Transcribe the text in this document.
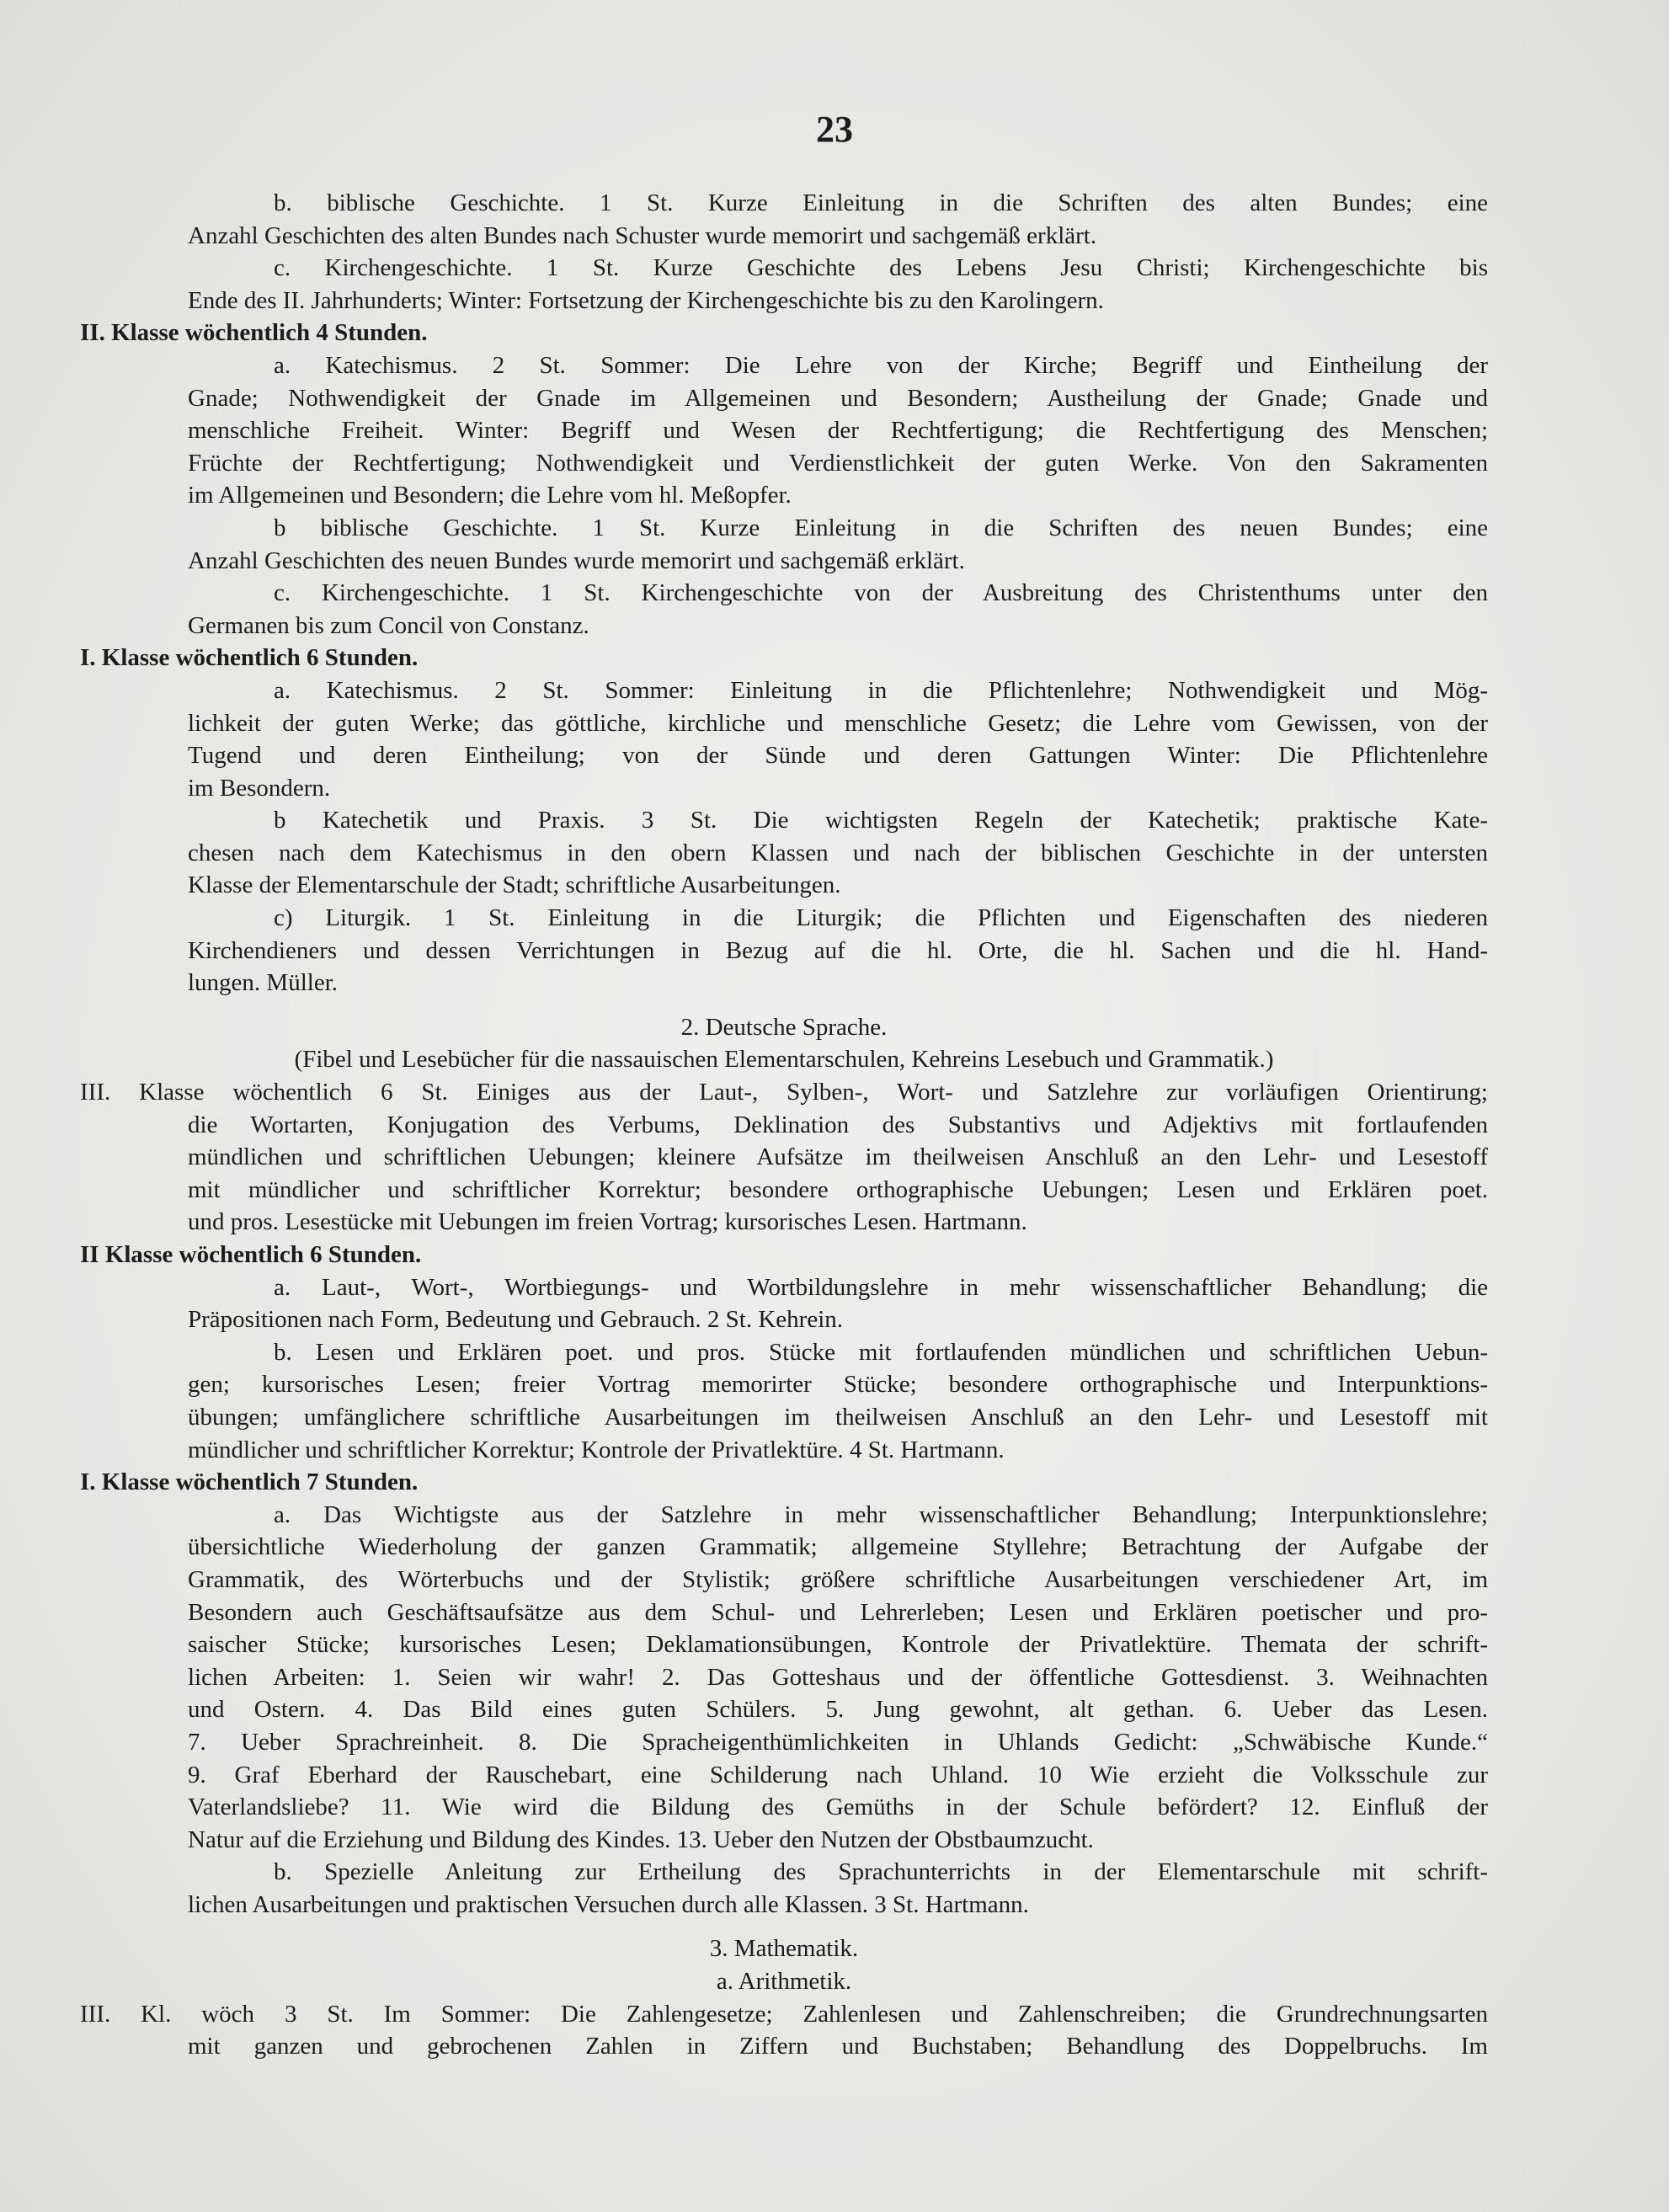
23
b. biblische Geschichte. 1 St. Kurze Einleitung in die Schriften des alten Bundes; eine
Anzahl Geschichten des alten Bundes nach Schuster wurde memorirt und sachgemäß erklärt.
c. Kirchengeschichte. 1 St. Kurze Geschichte des Lebens Jesu Christi; Kirchengeschichte bis
Ende des II. Jahrhunderts; Winter: Fortsetzung der Kirchengeschichte bis zu den Karolingern.
II. Klasse wöchentlich 4 Stunden.
a. Katechismus. 2 St. Sommer: Die Lehre von der Kirche; Begriff und Eintheilung der
Gnade; Nothwendigkeit der Gnade im Allgemeinen und Besondern; Austheilung der Gnade; Gnade und
menschliche Freiheit. Winter: Begriff und Wesen der Rechtfertigung; die Rechtfertigung des Menschen;
Früchte der Rechtfertigung; Nothwendigkeit und Verdienstlichkeit der guten Werke. Von den Sakramenten
im Allgemeinen und Besondern; die Lehre vom hl. Meßopfer.
b biblische Geschichte. 1 St. Kurze Einleitung in die Schriften des neuen Bundes; eine
Anzahl Geschichten des neuen Bundes wurde memorirt und sachgemäß erklärt.
c. Kirchengeschichte. 1 St. Kirchengeschichte von der Ausbreitung des Christenthums unter den
Germanen bis zum Concil von Constanz.
I. Klasse wöchentlich 6 Stunden.
a. Katechismus. 2 St. Sommer: Einleitung in die Pflichtenlehre; Nothwendigkeit und Mög-
lichkeit der guten Werke; das göttliche, kirchliche und menschliche Gesetz; die Lehre vom Gewissen, von der
Tugend und deren Eintheilung; von der Sünde und deren Gattungen Winter: Die Pflichtenlehre
im Besondern.
b Katechetik und Praxis. 3 St. Die wichtigsten Regeln der Katechetik; praktische Kate-
chesen nach dem Katechismus in den obern Klassen und nach der biblischen Geschichte in der untersten
Klasse der Elementarschule der Stadt; schriftliche Ausarbeitungen.
c) Liturgik. 1 St. Einleitung in die Liturgik; die Pflichten und Eigenschaften des niederen
Kirchendieners und dessen Verrichtungen in Bezug auf die hl. Orte, die hl. Sachen und die hl. Hand-
lungen. Müller.
2. Deutsche Sprache.
(Fibel und Lesebücher für die nassauischen Elementarschulen, Kehreins Lesebuch und Grammatik.)
III. Klasse wöchentlich 6 St. Einiges aus der Laut-, Sylben-, Wort- und Satzlehre zur vorläufigen Orientirung;
die Wortarten, Konjugation des Verbums, Deklination des Substantivs und Adjektivs mit fortlaufenden
mündlichen und schriftlichen Uebungen; kleinere Aufsätze im theilweisen Anschluß an den Lehr- und Lesestoff
mit mündlicher und schriftlicher Korrektur; besondere orthographische Uebungen; Lesen und Erklären poet.
und pros. Lesestücke mit Uebungen im freien Vortrag; kursorisches Lesen. Hartmann.
II Klasse wöchentlich 6 Stunden.
a. Laut-, Wort-, Wortbiegungs- und Wortbildungslehre in mehr wissenschaftlicher Behandlung; die
Präpositionen nach Form, Bedeutung und Gebrauch. 2 St. Kehrein.
b. Lesen und Erklären poet. und pros. Stücke mit fortlaufenden mündlichen und schriftlichen Uebun-
gen; kursorisches Lesen; freier Vortrag memorirter Stücke; besondere orthographische und Interpunktions-
übungen; umfänglichere schriftliche Ausarbeitungen im theilweisen Anschluß an den Lehr- und Lesestoff mit
mündlicher und schriftlicher Korrektur; Kontrole der Privatlektüre. 4 St. Hartmann.
I. Klasse wöchentlich 7 Stunden.
a. Das Wichtigste aus der Satzlehre in mehr wissenschaftlicher Behandlung; Interpunktionslehre;
übersichtliche Wiederholung der ganzen Grammatik; allgemeine Styllehre; Betrachtung der Aufgabe der
Grammatik, des Wörterbuchs und der Stylistik; größere schriftliche Ausarbeitungen verschiedener Art, im
Besondern auch Geschäftsaufsätze aus dem Schul- und Lehrerleben; Lesen und Erklären poetischer und pro-
saischer Stücke; kursorisches Lesen; Deklamationsübungen, Kontrole der Privatlektüre. Themata der schrift-
lichen Arbeiten: 1. Seien wir wahr! 2. Das Gotteshaus und der öffentliche Gottesdienst. 3. Weihnachten
und Ostern. 4. Das Bild eines guten Schülers. 5. Jung gewohnt, alt gethan. 6. Ueber das Lesen.
7. Ueber Sprachreinheit. 8. Die Spracheigenthümlichkeiten in Uhlands Gedicht: „Schwäbische Kunde.“
9. Graf Eberhard der Rauschebart, eine Schilderung nach Uhland. 10 Wie erzieht die Volksschule zur
Vaterlandsliebe? 11. Wie wird die Bildung des Gemüths in der Schule befördert? 12. Einfluß der
Natur auf die Erziehung und Bildung des Kindes. 13. Ueber den Nutzen der Obstbaumzucht.
b. Spezielle Anleitung zur Ertheilung des Sprachunterrichts in der Elementarschule mit schrift-
lichen Ausarbeitungen und praktischen Versuchen durch alle Klassen. 3 St. Hartmann.
3. Mathematik.
a. Arithmetik.
III. Kl. wöch 3 St. Im Sommer: Die Zahlengesetze; Zahlenlesen und Zahlenschreiben; die Grundrechnungsarten
mit ganzen und gebrochenen Zahlen in Ziffern und Buchstaben; Behandlung des Doppelbruchs. Im
